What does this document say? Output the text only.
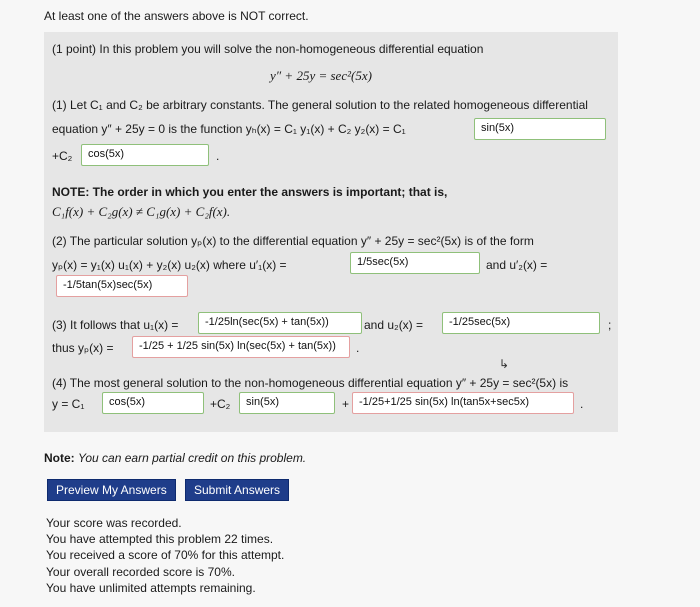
At least one of the answers above is NOT correct.
(1 point) In this problem you will solve the non-homogeneous differential equation
y″ + 25y = sec²(5x)
(1) Let C₁ and C₂ be arbitrary constants. The general solution to the related homogeneous differential
equation y″ + 25y = 0 is the function yₕ(x) = C₁ y₁(x) + C₂ y₂(x) = C₁	sin(5x)
+C₂	cos(5x)	.
NOTE: The order in which you enter the answers is important; that is,
C₁f(x) + C₂g(x) ≠ C₁g(x) + C₂f(x).
(2) The particular solution yₚ(x) to the differential equation y″ + 25y = sec²(5x) is of the form
yₚ(x) = y₁(x) u₁(x) + y₂(x) u₂(x) where u′₁(x) =	1/5sec(5x)	and u′₂(x) =
-1/5tan(5x)sec(5x)
(3) It follows that u₁(x) =	-1/25ln(sec(5x) + tan(5x))	and u₂(x) =	-1/25sec(5x)	;
thus yₚ(x) =	-1/25 + 1/25 sin(5x) ln(sec(5x) + tan(5x))	.
(4) The most general solution to the non-homogeneous differential equation y″ + 25y = sec²(5x) is
y = C₁	cos(5x)	+C₂	sin(5x)	+ -1/25+1/25 sin(5x) ln(tan5x+sec5x)	.
↳
Note: You can earn partial credit on this problem.
Preview My Answers	Submit Answers
Your score was recorded.
You have attempted this problem 22 times.
You received a score of 70% for this attempt.
Your overall recorded score is 70%.
You have unlimited attempts remaining.
